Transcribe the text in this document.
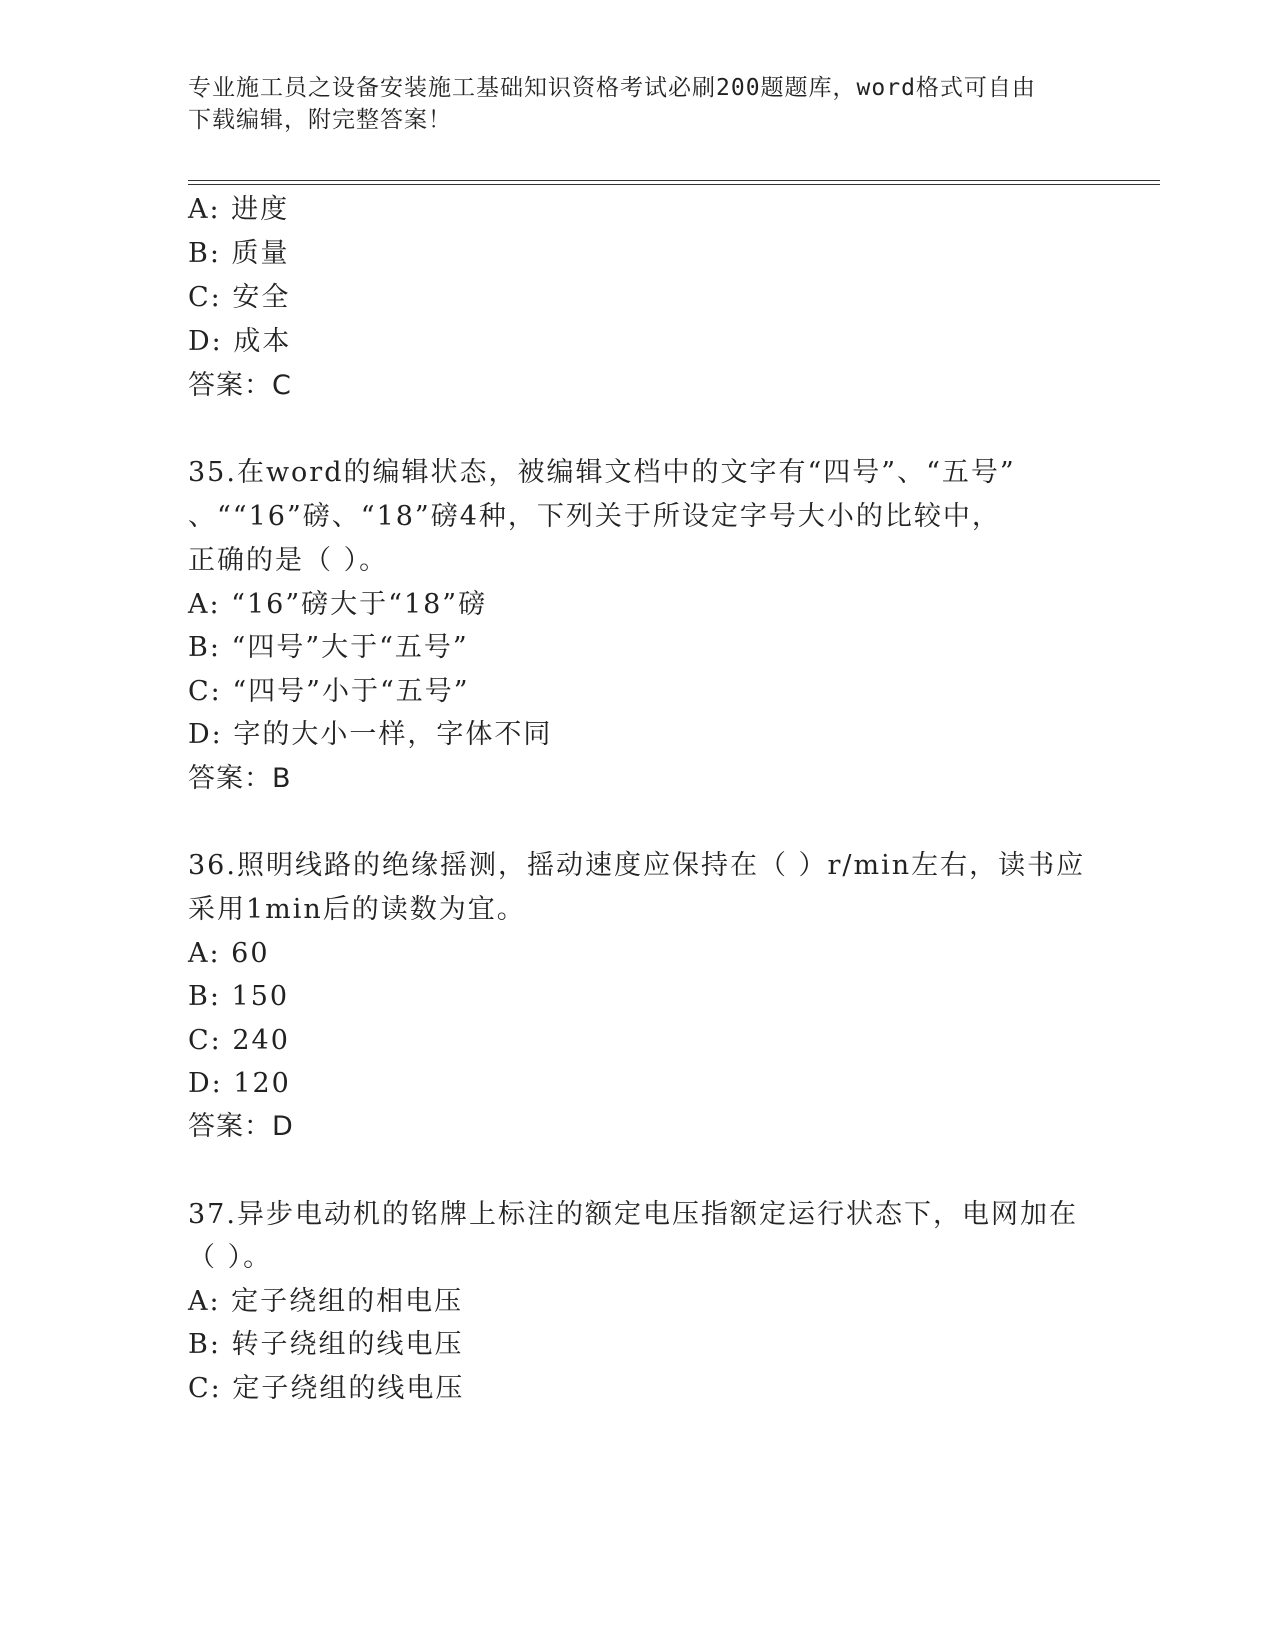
专业施工员之设备安装施工基础知识资格考试必刷200题题库，word格式可自由
下载编辑，附完整答案！
A: 进度
B: 质量
C: 安全
D: 成本
答案：C
35.在word的编辑状态，被编辑文档中的文字有“四号”、“五号”
、““16”磅、“18”磅4种，下列关于所设定字号大小的比较中，
正确的是（ ）。
A: “16”磅大于“18”磅
B: “四号”大于“五号”
C: “四号”小于“五号”
D: 字的大小一样，字体不同
答案：B
36.照明线路的绝缘摇测，摇动速度应保持在（ ）r/min左右，读书应
采用1min后的读数为宜。
A: 60
B: 150
C: 240
D: 120
答案：D
37.异步电动机的铭牌上标注的额定电压指额定运行状态下，电网加在
（ ）。
A: 定子绕组的相电压
B: 转子绕组的线电压
C: 定子绕组的线电压
